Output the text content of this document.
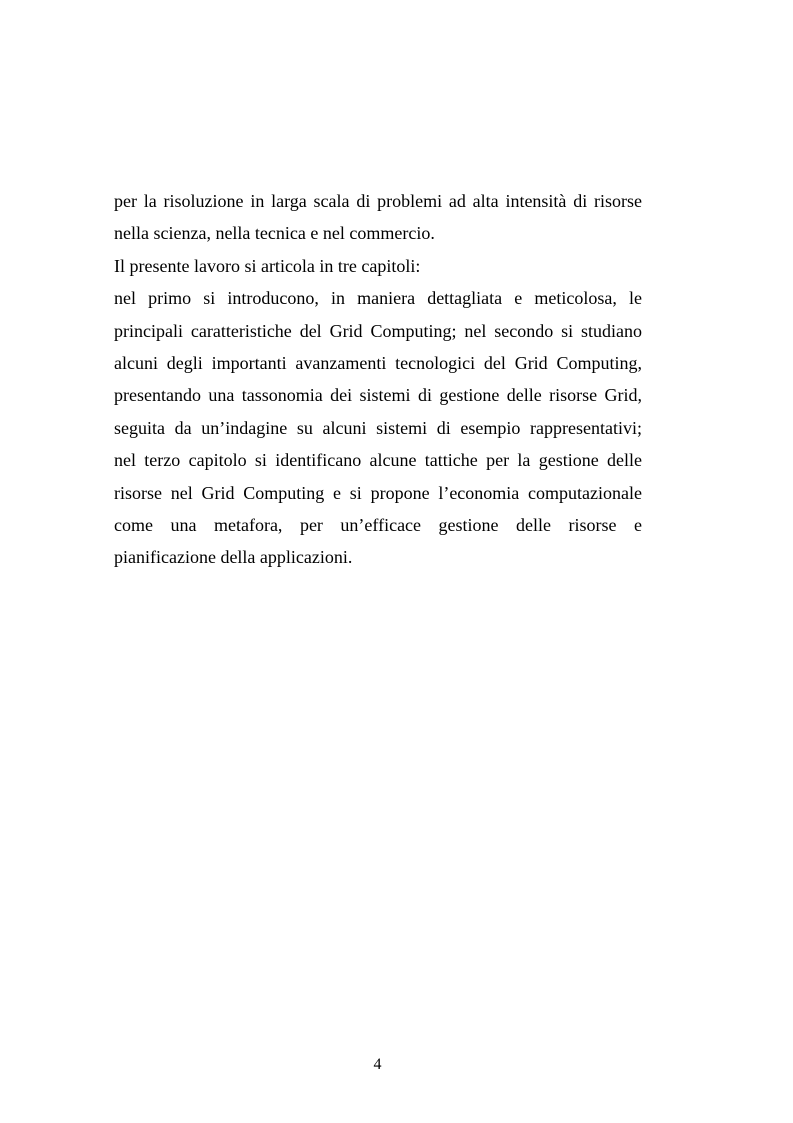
per la risoluzione in larga scala di problemi ad alta intensità di risorse
nella scienza, nella tecnica e nel commercio.
Il presente lavoro si articola in tre capitoli:
nel primo si introducono, in maniera dettagliata e meticolosa, le
principali caratteristiche del Grid Computing; nel secondo si studiano
alcuni degli importanti avanzamenti tecnologici del Grid Computing,
presentando una tassonomia dei sistemi di gestione delle risorse Grid,
seguita da un’indagine su alcuni sistemi di esempio rappresentativi;
nel terzo capitolo si identificano alcune tattiche per la gestione delle
risorse nel Grid Computing e si propone l’economia computazionale
come una metafora, per un’efficace gestione delle risorse e
pianificazione della applicazioni.
4
